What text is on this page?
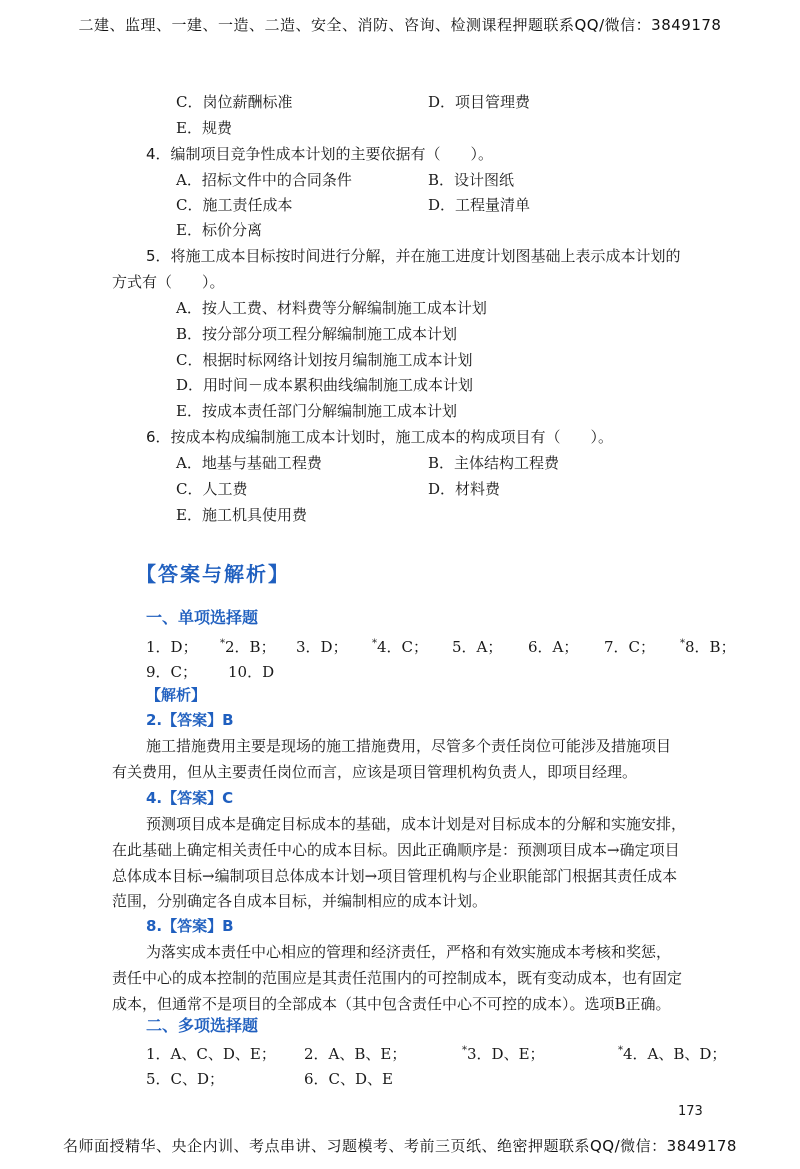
二建、监理、一建、一造、二造、安全、消防、咨询、检测课程押题联系QQ/微信：3849178
C．岗位薪酬标准	D．项目管理费
E．规费
4．编制项目竞争性成本计划的主要依据有（　　）。
A．招标文件中的合同条件	B．设计图纸
C．施工责任成本	D．工程量清单
E．标价分离
5．将施工成本目标按时间进行分解，并在施工进度计划图基础上表示成本计划的
方式有（　　）。
A．按人工费、材料费等分解编制施工成本计划
B．按分部分项工程分解编制施工成本计划
C．根据时标网络计划按月编制施工成本计划
D．用时间－成本累积曲线编制施工成本计划
E．按成本责任部门分解编制施工成本计划
6．按成本构成编制施工成本计划时，施工成本的构成项目有（　　）。
A．地基与基础工程费	B．主体结构工程费
C．人工费	D．材料费
E．施工机具使用费
【答案与解析】
一、单项选择题
1．D； *2．B； 3．D； *4．C； 5．A； 6．A； 7．C； *8．B；
9．C； 10．D
【解析】
2.【答案】B
施工措施费用主要是现场的施工措施费用，尽管多个责任岗位可能涉及措施项目
有关费用，但从主要责任岗位而言，应该是项目管理机构负责人，即项目经理。
4.【答案】C
预测项目成本是确定目标成本的基础，成本计划是对目标成本的分解和实施安排，
在此基础上确定相关责任中心的成本目标。因此正确顺序是：预测项目成本→确定项目
总体成本目标→编制项目总体成本计划→项目管理机构与企业职能部门根据其责任成本
范围，分别确定各自成本目标，并编制相应的成本计划。
8.【答案】B
为落实成本责任中心相应的管理和经济责任，严格和有效实施成本考核和奖惩，
责任中心的成本控制的范围应是其责任范围内的可控制成本，既有变动成本，也有固定
成本，但通常不是项目的全部成本（其中包含责任中心不可控的成本）。选项B正确。
二、多项选择题
1．A、C、D、E； 2．A、B、E；	*3．D、E；	*4．A、B、D；
5．C、D；	6．C、D、E
173
名师面授精华、央企内训、考点串讲、习题模考、考前三页纸、绝密押题联系QQ/微信：3849178
